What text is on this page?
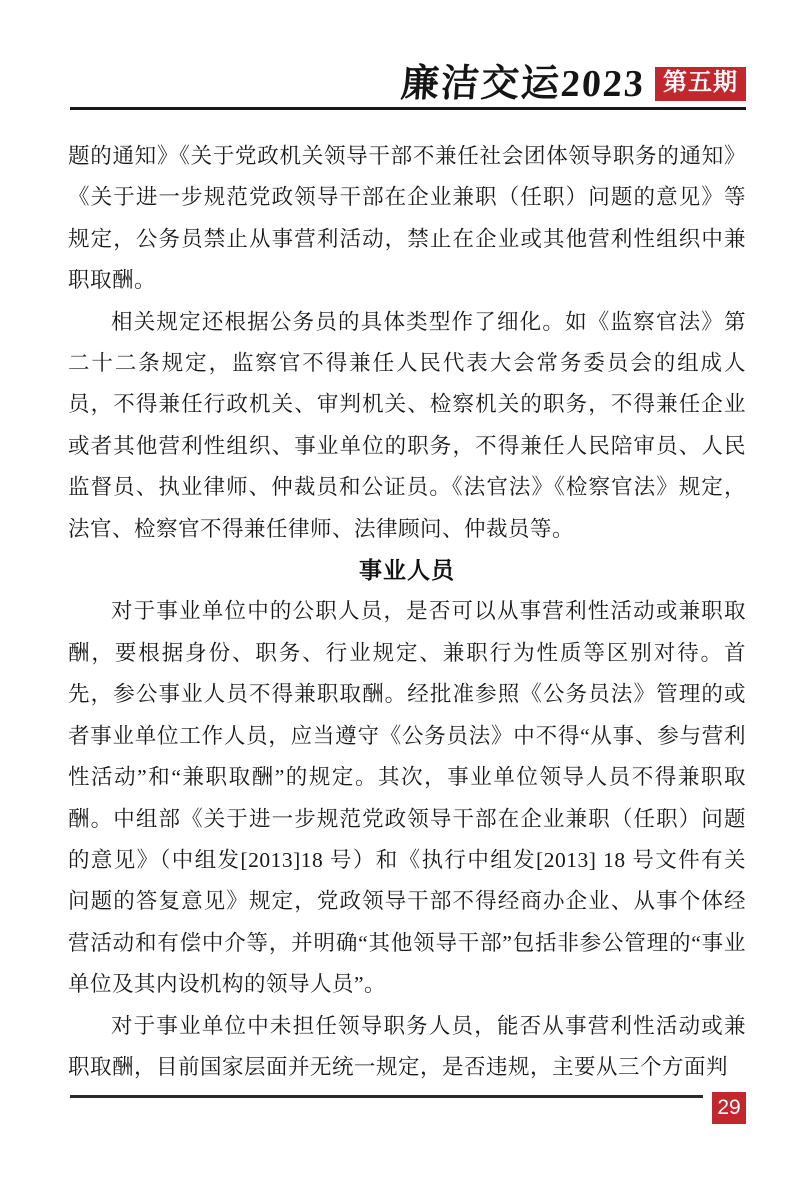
廉洁交运2023 第五期

题的通知》《关于党政机关领导干部不兼任社会团体领导职务的通知》《关于进一步规范党政领导干部在企业兼职（任职）问题的意见》等规定，公务员禁止从事营利活动，禁止在企业或其他营利性组织中兼职取酬。

相关规定还根据公务员的具体类型作了细化。如《监察官法》第二十二条规定，监察官不得兼任人民代表大会常务委员会的组成人员，不得兼任行政机关、审判机关、检察机关的职务，不得兼任企业或者其他营利性组织、事业单位的职务，不得兼任人民陪审员、人民监督员、执业律师、仲裁员和公证员。《法官法》《检察官法》规定，法官、检察官不得兼任律师、法律顾问、仲裁员等。

事业人员

对于事业单位中的公职人员，是否可以从事营利性活动或兼职取酬，要根据身份、职务、行业规定、兼职行为性质等区别对待。首先，参公事业人员不得兼职取酬。经批准参照《公务员法》管理的或者事业单位工作人员，应当遵守《公务员法》中不得“从事、参与营利性活动”和“兼职取酬”的规定。其次，事业单位领导人员不得兼职取酬。中组部《关于进一步规范党政领导干部在企业兼职（任职）问题的意见》（中组发[2013]18 号）和《执行中组发[2013] 18 号文件有关问题的答复意见》规定，党政领导干部不得经商办企业、从事个体经营活动和有偿中介等，并明确“其他领导干部”包括非参公管理的“事业单位及其内设机构的领导人员”。

对于事业单位中未担任领导职务人员，能否从事营利性活动或兼职取酬，目前国家层面并无统一规定，是否违规，主要从三个方面判

29
